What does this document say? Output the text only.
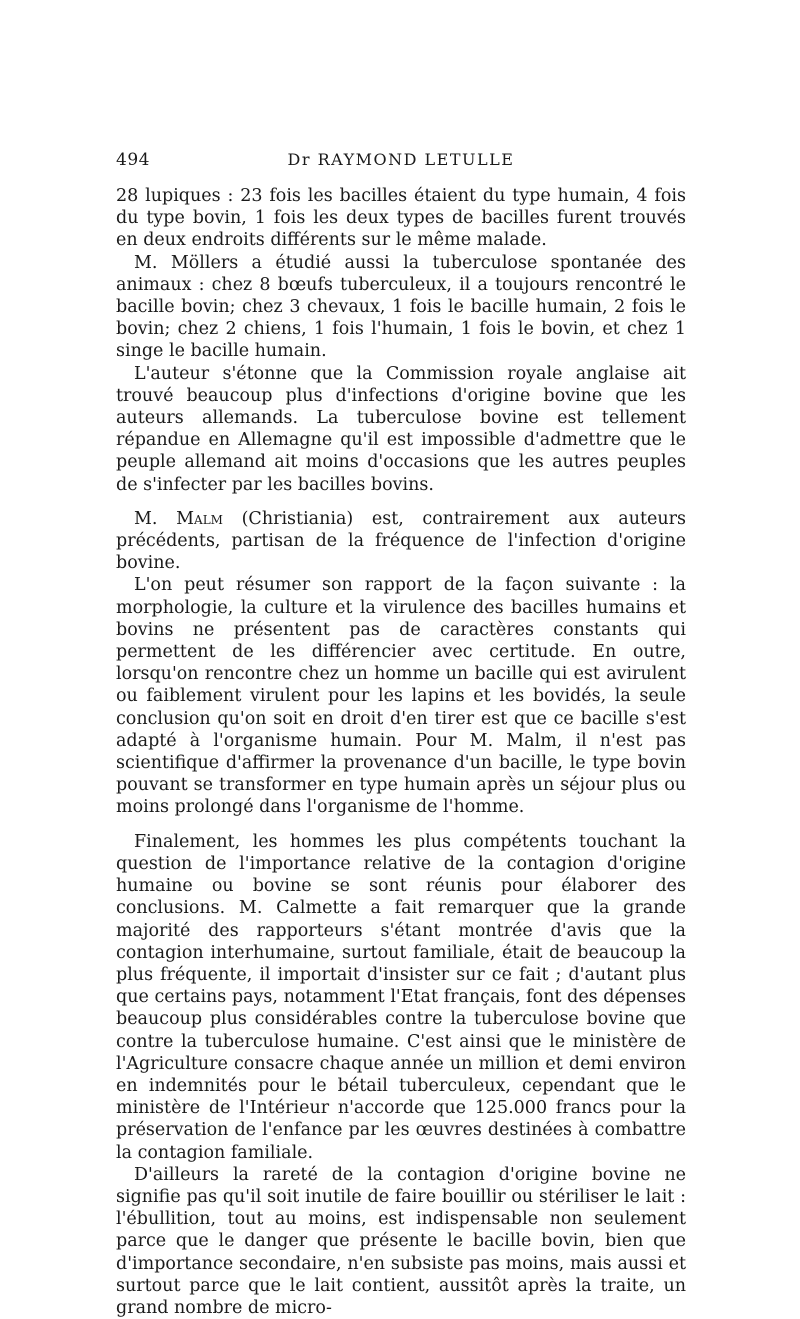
494	Dr RAYMOND LETULLE

28 lupiques : 23 fois les bacilles étaient du type humain, 4 fois du type bovin, 1 fois les deux types de bacilles furent trouvés en deux endroits différents sur le même malade.

M. Möllers a étudié aussi la tuberculose spontanée des animaux : chez 8 bœufs tuberculeux, il a toujours rencontré le bacille bovin; chez 3 chevaux, 1 fois le bacille humain, 2 fois le bovin; chez 2 chiens, 1 fois l'humain, 1 fois le bovin, et chez 1 singe le bacille humain.

L'auteur s'étonne que la Commission royale anglaise ait trouvé beaucoup plus d'infections d'origine bovine que les auteurs allemands. La tuberculose bovine est tellement répandue en Allemagne qu'il est impossible d'admettre que le peuple allemand ait moins d'occasions que les autres peuples de s'infecter par les bacilles bovins.

M. Malm (Christiania) est, contrairement aux auteurs précédents, partisan de la fréquence de l'infection d'origine bovine.

L'on peut résumer son rapport de la façon suivante : la morphologie, la culture et la virulence des bacilles humains et bovins ne présentent pas de caractères constants qui permettent de les différencier avec certitude. En outre, lorsqu'on rencontre chez un homme un bacille qui est avirulent ou faiblement virulent pour les lapins et les bovidés, la seule conclusion qu'on soit en droit d'en tirer est que ce bacille s'est adapté à l'organisme humain. Pour M. Malm, il n'est pas scientifique d'affirmer la provenance d'un bacille, le type bovin pouvant se transformer en type humain après un séjour plus ou moins prolongé dans l'organisme de l'homme.

Finalement, les hommes les plus compétents touchant la question de l'importance relative de la contagion d'origine humaine ou bovine se sont réunis pour élaborer des conclusions. M. Calmette a fait remarquer que la grande majorité des rapporteurs s'étant montrée d'avis que la contagion interhumaine, surtout familiale, était de beaucoup la plus fréquente, il importait d'insister sur ce fait ; d'autant plus que certains pays, notamment l'Etat français, font des dépenses beaucoup plus considérables contre la tuberculose bovine que contre la tuberculose humaine. C'est ainsi que le ministère de l'Agriculture consacre chaque année un million et demi environ en indemnités pour le bétail tuberculeux, cependant que le ministère de l'Intérieur n'accorde que 125.000 francs pour la préservation de l'enfance par les œuvres destinées à combattre la contagion familiale.

D'ailleurs la rareté de la contagion d'origine bovine ne signifie pas qu'il soit inutile de faire bouillir ou stériliser le lait : l'ébullition, tout au moins, est indispensable non seulement parce que le danger que présente le bacille bovin, bien que d'importance secondaire, n'en subsiste pas moins, mais aussi et surtout parce que le lait contient, aussitôt après la traite, un grand nombre de micro-
